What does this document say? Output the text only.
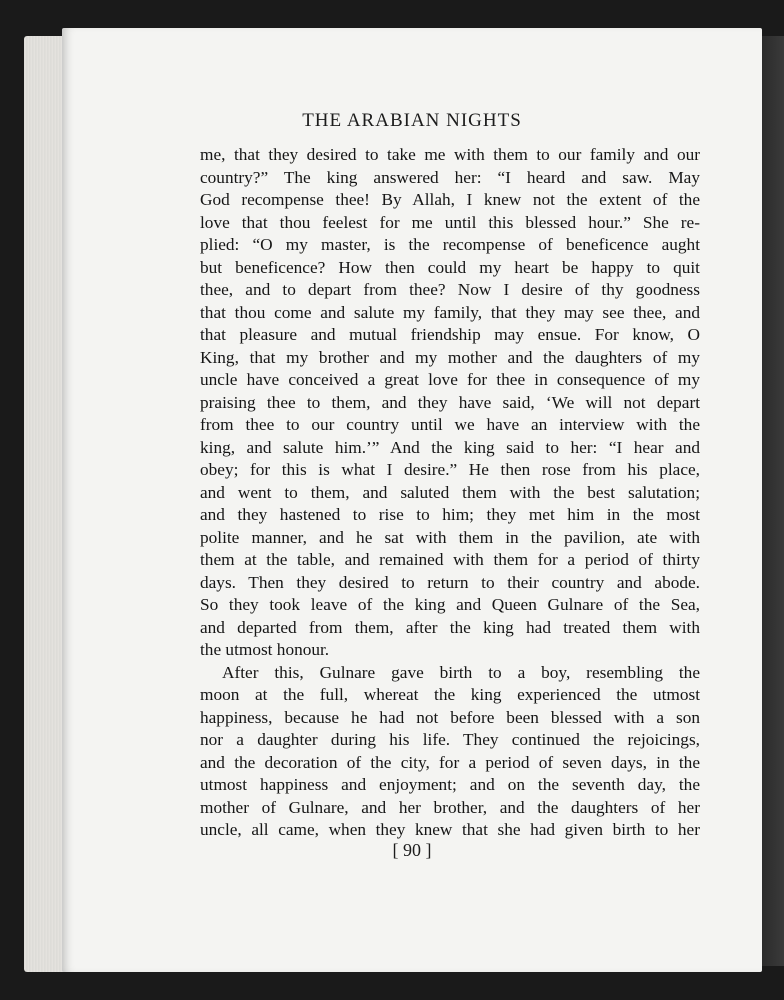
THE ARABIAN NIGHTS
me, that they desired to take me with them to our family and our
country?” The king answered her: “I heard and saw. May
God recompense thee! By Allah, I knew not the extent of the
love that thou feelest for me until this blessed hour.” She re-
plied: “O my master, is the recompense of beneficence aught
but beneficence? How then could my heart be happy to quit
thee, and to depart from thee? Now I desire of thy goodness
that thou come and salute my family, that they may see thee, and
that pleasure and mutual friendship may ensue. For know, O
King, that my brother and my mother and the daughters of my
uncle have conceived a great love for thee in consequence of my
praising thee to them, and they have said, ‘We will not depart
from thee to our country until we have an interview with the
king, and salute him.’” And the king said to her: “I hear and
obey; for this is what I desire.” He then rose from his place,
and went to them, and saluted them with the best salutation;
and they hastened to rise to him; they met him in the most
polite manner, and he sat with them in the pavilion, ate with
them at the table, and remained with them for a period of thirty
days. Then they desired to return to their country and abode.
So they took leave of the king and Queen Gulnare of the Sea,
and departed from them, after the king had treated them with
the utmost honour.
After this, Gulnare gave birth to a boy, resembling the
moon at the full, whereat the king experienced the utmost
happiness, because he had not before been blessed with a son
nor a daughter during his life. They continued the rejoicings,
and the decoration of the city, for a period of seven days, in the
utmost happiness and enjoyment; and on the seventh day, the
mother of Gulnare, and her brother, and the daughters of her
uncle, all came, when they knew that she had given birth to her
[ 90 ]
